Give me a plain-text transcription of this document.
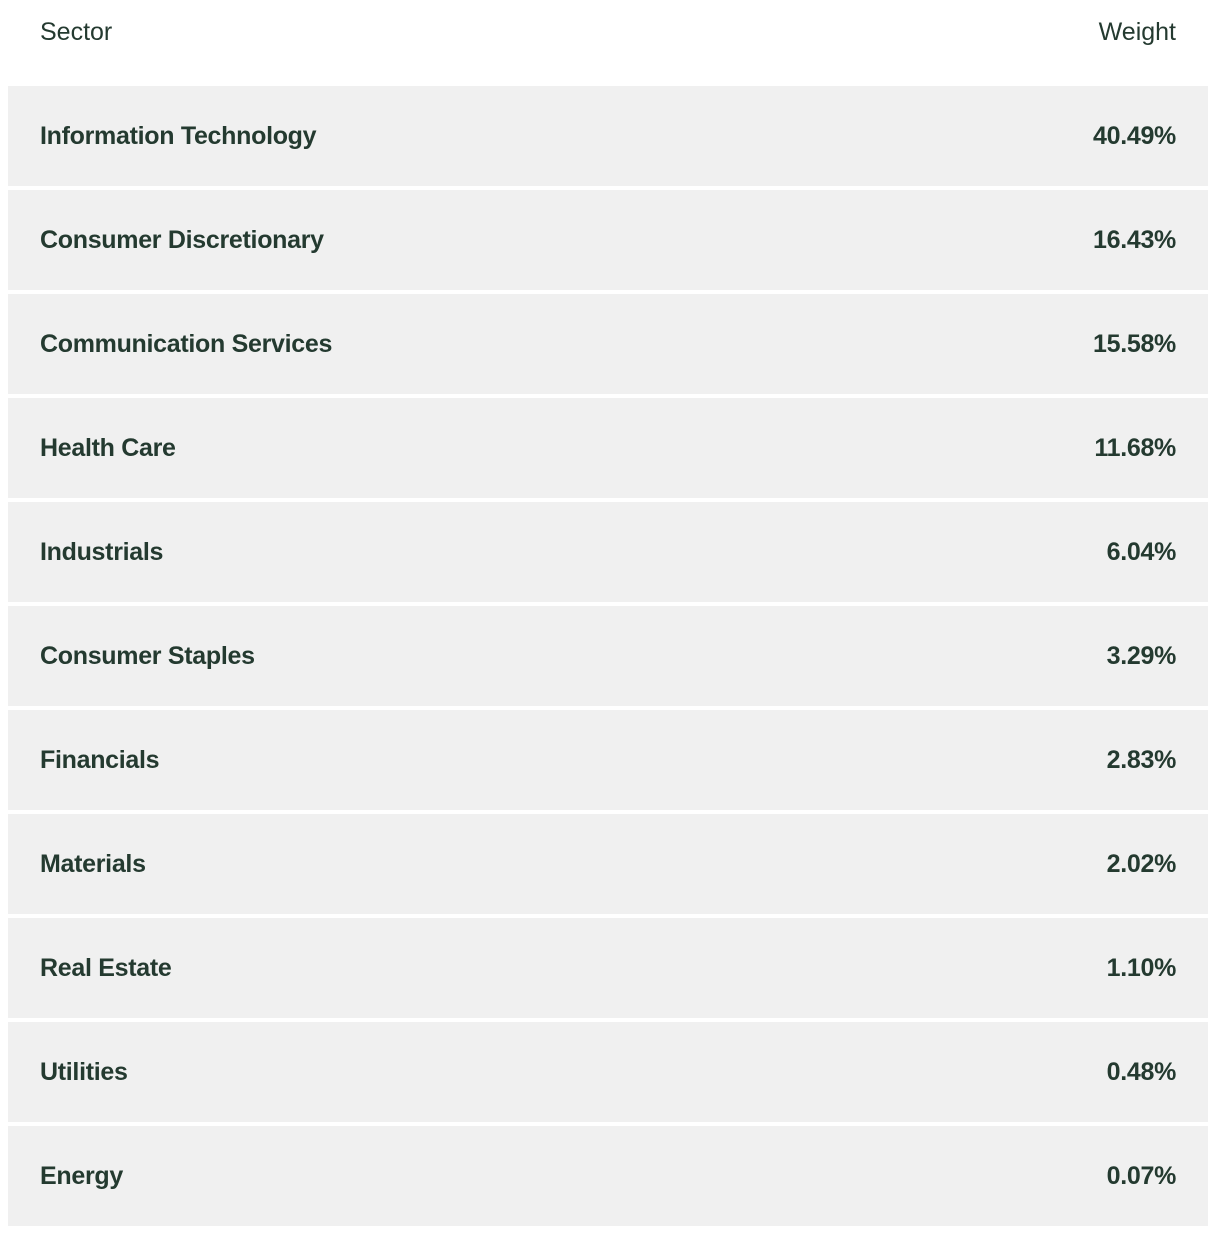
Sector	Weight
Information Technology	40.49%
Consumer Discretionary	16.43%
Communication Services	15.58%
Health Care	11.68%
Industrials	6.04%
Consumer Staples	3.29%
Financials	2.83%
Materials	2.02%
Real Estate	1.10%
Utilities	0.48%
Energy	0.07%
